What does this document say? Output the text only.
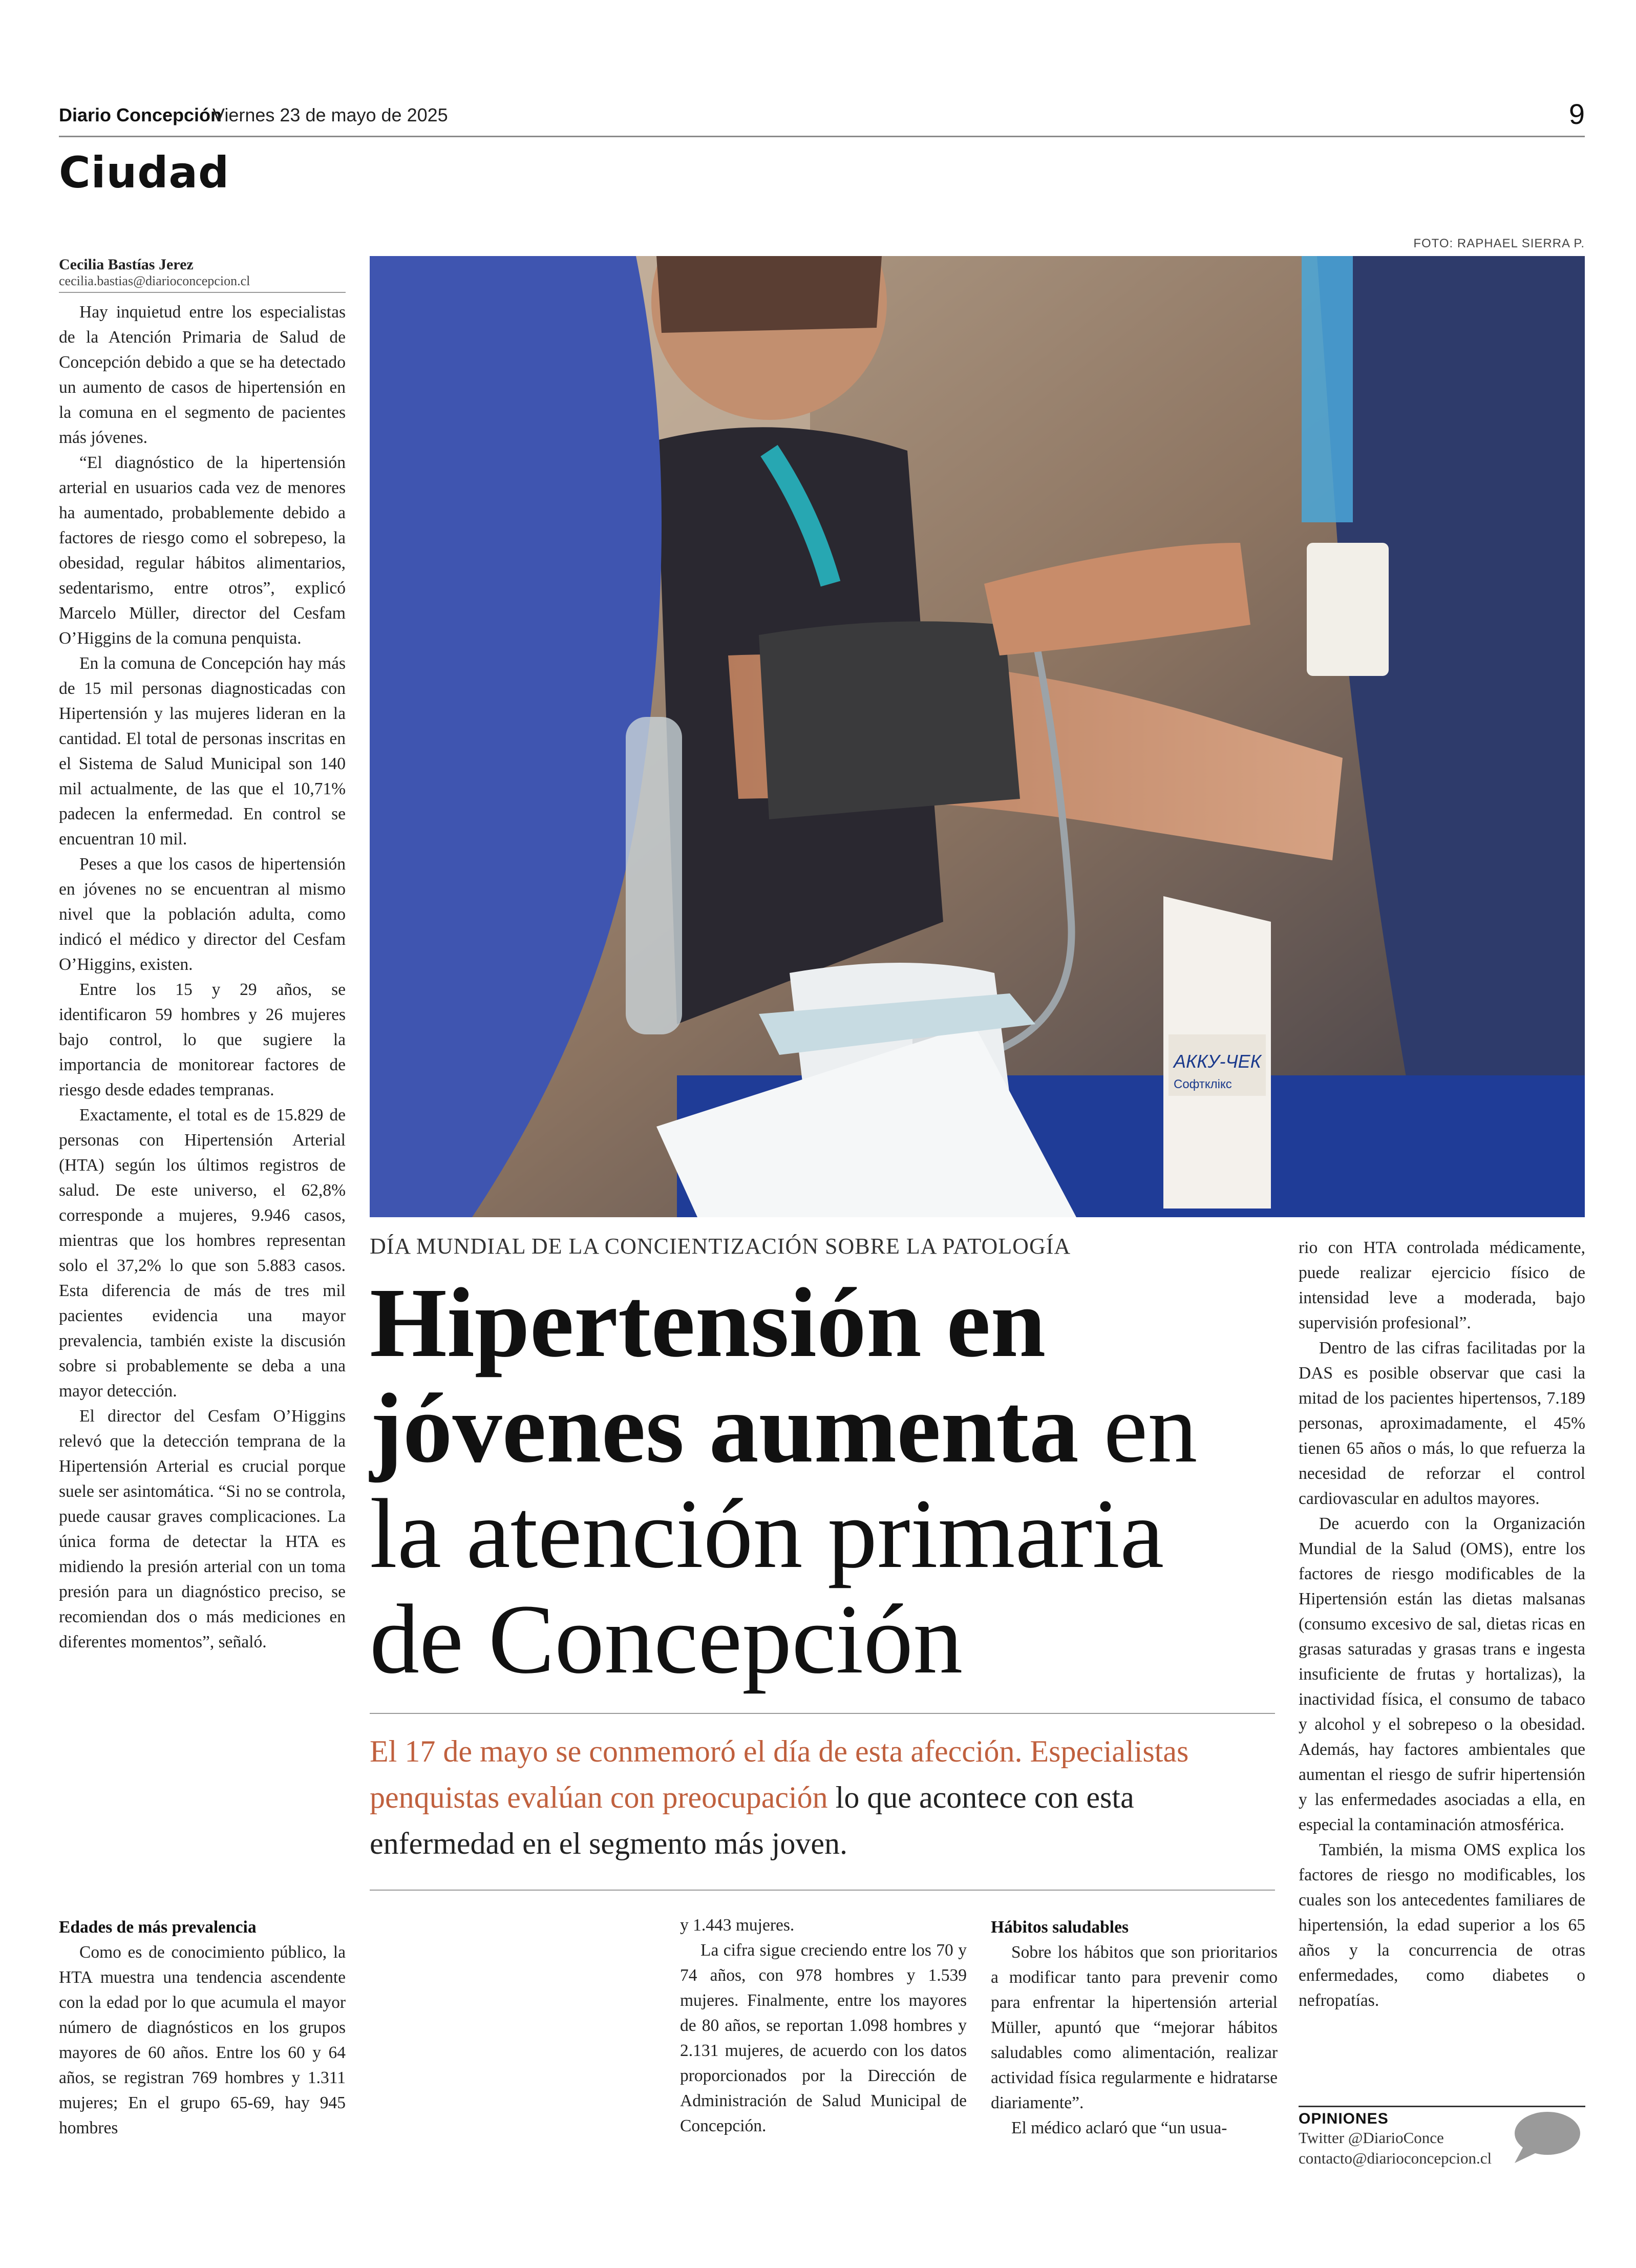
Diario Concepción
Viernes 23 de mayo de 2025	9
Ciudad
FOTO: RAPHAEL SIERRA P.
АККУ-ЧЕК
Софтклікс
Cecilia Bastías Jerez
cecilia.bastias@diarioconcepcion.cl

Hay inquietud entre los especialistas de la Atención Primaria de Salud de Concepción debido a que se ha detectado un aumento de casos de hipertensión en la comuna en el segmento de pacientes más jóvenes.

“El diagnóstico de la hipertensión arterial en usuarios cada vez de menores ha aumentado, probablemente debido a factores de riesgo como el sobrepeso, la obesidad, regular hábitos alimentarios, sedentarismo, entre otros”, explicó Marcelo Müller, director del Cesfam O’Higgins de la comuna penquista.

En la comuna de Concepción hay más de 15 mil personas diagnosticadas con Hipertensión y las mujeres lideran en la cantidad. El total de personas inscritas en el Sistema de Salud Municipal son 140 mil actualmente, de las que el 10,71% padecen la enfermedad. En control se encuentran 10 mil.

Peses a que los casos de hipertensión en jóvenes no se encuentran al mismo nivel que la población adulta, como indicó el médico y director del Cesfam O’Higgins, existen.

Entre los 15 y 29 años, se identificaron 59 hombres y 26 mujeres bajo control, lo que sugiere la importancia de monitorear factores de riesgo desde edades tempranas.

Exactamente, el total es de 15.829 de personas con Hipertensión Arterial (HTA) según los últimos registros de salud. De este universo, el 62,8% corresponde a mujeres, 9.946 casos, mientras que los hombres representan solo el 37,2% lo que son 5.883 casos. Esta diferencia de más de tres mil pacientes evidencia una mayor prevalencia, también existe la discusión sobre si probablemente se deba a una mayor detección.

El director del Cesfam O’Higgins relevó que la detección temprana de la Hipertensión Arterial es crucial porque suele ser asintomática. “Si no se controla, puede causar graves complicaciones. La única forma de detectar la HTA es midiendo la presión arterial con un toma presión para un diagnóstico preciso, se recomiendan dos o más mediciones en diferentes momentos”, señaló.

Edades de más prevalencia

Como es de conocimiento público, la HTA muestra una tendencia ascendente con la edad por lo que acumula el mayor número de diagnósticos en los grupos mayores de 60 años. Entre los 60 y 64 años, se registran 769 hombres y 1.311 mujeres; En el grupo 65-69, hay 945 hombres

DÍA MUNDIAL DE LA CONCIENTIZACIÓN SOBRE LA PATOLOGÍA
Hipertensión en jóvenes aumenta en la atención primaria de Concepción
El 17 de mayo se conmemoró el día de esta afección. Especialistas penquistas evalúan con preocupación lo que acontece con esta enfermedad en el segmento más joven.

y 1.443 mujeres.

La cifra sigue creciendo entre los 70 y 74 años, con 978 hombres y 1.539 mujeres. Finalmente, entre los mayores de 80 años, se reportan 1.098 hombres y 2.131 mujeres, de acuerdo con los datos proporcionados por la Dirección de Administración de Salud Municipal de Concepción.

Hábitos saludables

Sobre los hábitos que son prioritarios a modificar tanto para prevenir como para enfrentar la hipertensión arterial Müller, apuntó que “mejorar hábitos saludables como alimentación, realizar actividad física regularmente e hidratarse diariamente”.

El médico aclaró que “un usua-

rio con HTA controlada médicamente, puede realizar ejercicio físico de intensidad leve a moderada, bajo supervisión profesional”.

Dentro de las cifras facilitadas por la DAS es posible observar que casi la mitad de los pacientes hipertensos, 7.189 personas, aproximadamente, el 45% tienen 65 años o más, lo que refuerza la necesidad de reforzar el control cardiovascular en adultos mayores.

De acuerdo con la Organización Mundial de la Salud (OMS), entre los factores de riesgo modificables de la Hipertensión están las dietas malsanas (consumo excesivo de sal, dietas ricas en grasas saturadas y grasas trans e ingesta insuficiente de frutas y hortalizas), la inactividad física, el consumo de tabaco y alcohol y el sobrepeso o la obesidad. Además, hay factores ambientales que aumentan el riesgo de sufrir hipertensión y las enfermedades asociadas a ella, en especial la contaminación atmosférica.

También, la misma OMS explica los factores de riesgo no modificables, los cuales son los antecedentes familiares de hipertensión, la edad superior a los 65 años y la concurrencia de otras enfermedades, como diabetes o nefropatías.

OPINIONES
Twitter @DiarioConce
contacto@diarioconcepcion.cl
